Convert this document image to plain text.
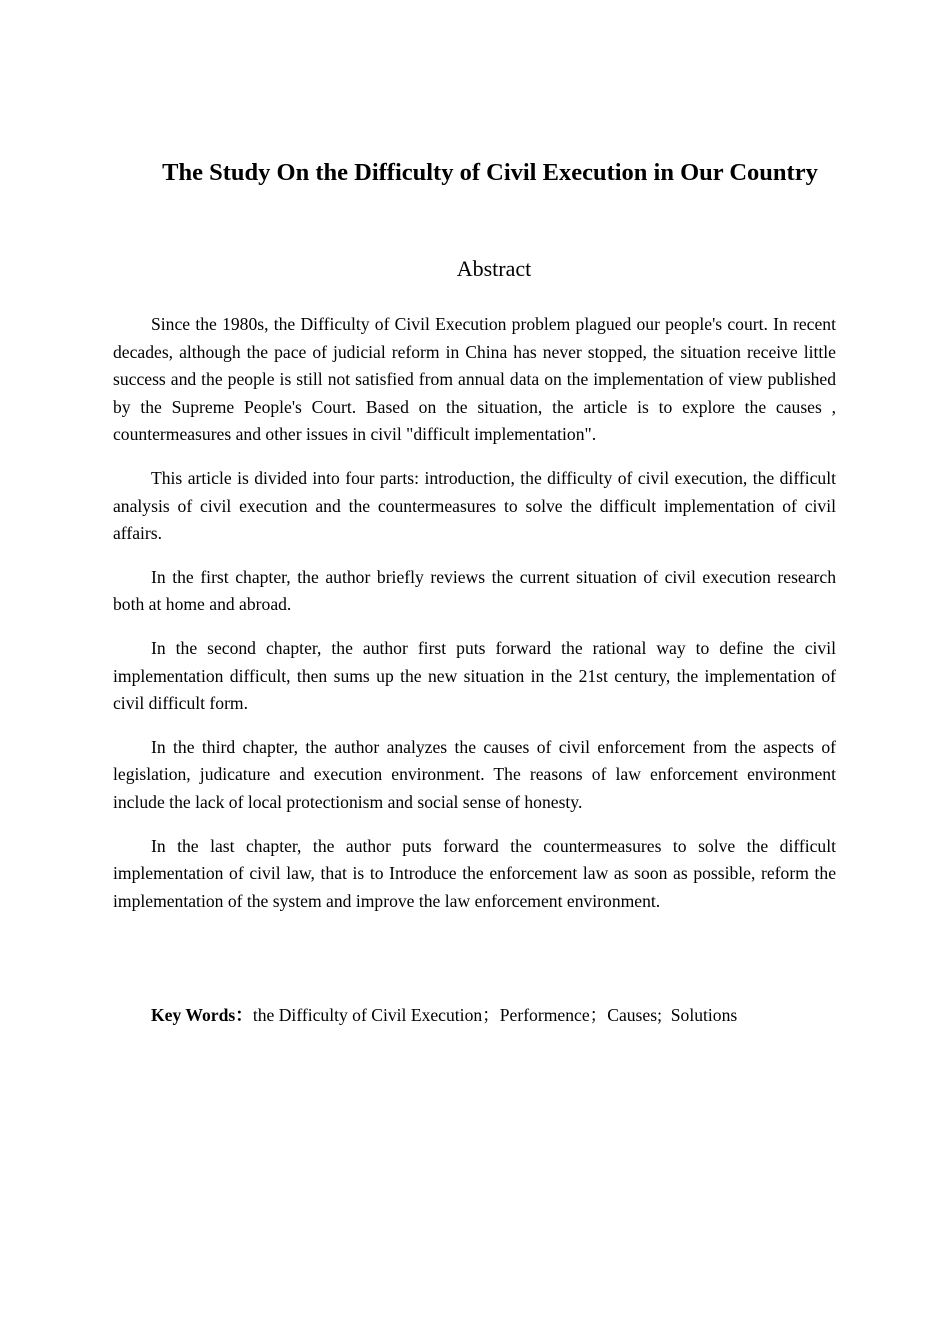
The Study On the Difficulty of Civil Execution in Our Country
Abstract

Since the 1980s, the Difficulty of Civil Execution problem plagued our people's court. In recent decades, although the pace of judicial reform in China has never stopped, the situation receive little success and the people is still not satisfied from annual data on the implementation of view published by the Supreme People's Court. Based on the situation, the article is to explore the causes , countermeasures and other issues in civil "difficult implementation".

This article is divided into four parts: introduction, the difficulty of civil execution, the difficult analysis of civil execution and the countermeasures to solve the difficult implementation of civil affairs.

In the first chapter, the author briefly reviews the current situation of civil execution research both at home and abroad.

In the second chapter, the author first puts forward the rational way to define the civil implementation difficult, then sums up the new situation in the 21st century, the implementation of civil difficult form.

In the third chapter, the author analyzes the causes of civil enforcement from the aspects of legislation, judicature and execution environment. The reasons of law enforcement environment include the lack of local protectionism and social sense of honesty.

In the last chapter, the author puts forward the countermeasures to solve the difficult implementation of civil law, that is to Introduce the enforcement law as soon as possible, reform the implementation of the system and improve the law enforcement environment.

Key Words：the Difficulty of Civil Execution；Performence；Causes;  Solutions
